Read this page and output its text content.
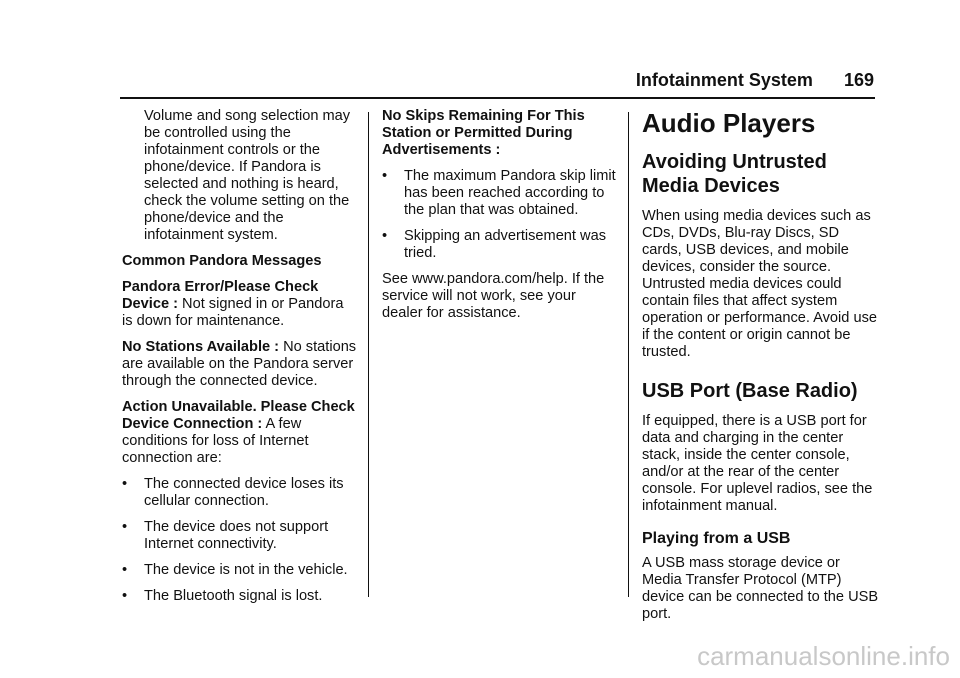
Infotainment System 169

Volume and song selection may be controlled using the infotainment controls or the phone/device. If Pandora is selected and nothing is heard, check the volume setting on the phone/device and the infotainment system.

Common Pandora Messages

Pandora Error/Please Check Device : Not signed in or Pandora is down for maintenance.

No Stations Available : No stations are available on the Pandora server through the connected device.

Action Unavailable. Please Check Device Connection : A few conditions for loss of Internet connection are:

•	The connected device loses its cellular connection.
•	The device does not support Internet connectivity.
•	The device is not in the vehicle.
•	The Bluetooth signal is lost.

No Skips Remaining For This Station or Permitted During Advertisements :

•	The maximum Pandora skip limit has been reached according to the plan that was obtained.
•	Skipping an advertisement was tried.

See www.pandora.com/help. If the service will not work, see your dealer for assistance.

Audio Players
Avoiding Untrusted Media Devices

When using media devices such as CDs, DVDs, Blu-ray Discs, SD cards, USB devices, and mobile devices, consider the source. Untrusted media devices could contain files that affect system operation or performance. Avoid use if the content or origin cannot be trusted.

USB Port (Base Radio)

If equipped, there is a USB port for data and charging in the center stack, inside the center console, and/or at the rear of the center console. For uplevel radios, see the infotainment manual.

Playing from a USB

A USB mass storage device or Media Transfer Protocol (MTP) device can be connected to the USB port.

carmanualsonline.info
